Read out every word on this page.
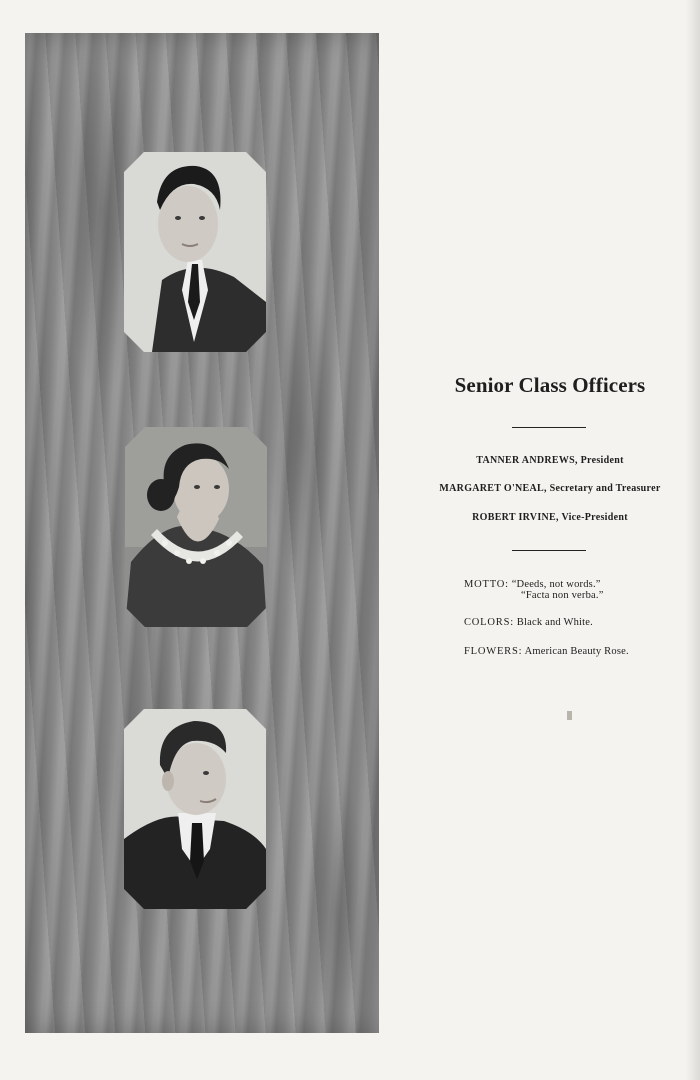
Senior Class Officers
TANNER ANDREWS, President
MARGARET O'NEAL, Secretary and Treasurer
ROBERT IRVINE, Vice-President
MOTTO: “Deeds, not words.”
“Facta non verba.”
COLORS: Black and White.
FLOWERS: American Beauty Rose.
